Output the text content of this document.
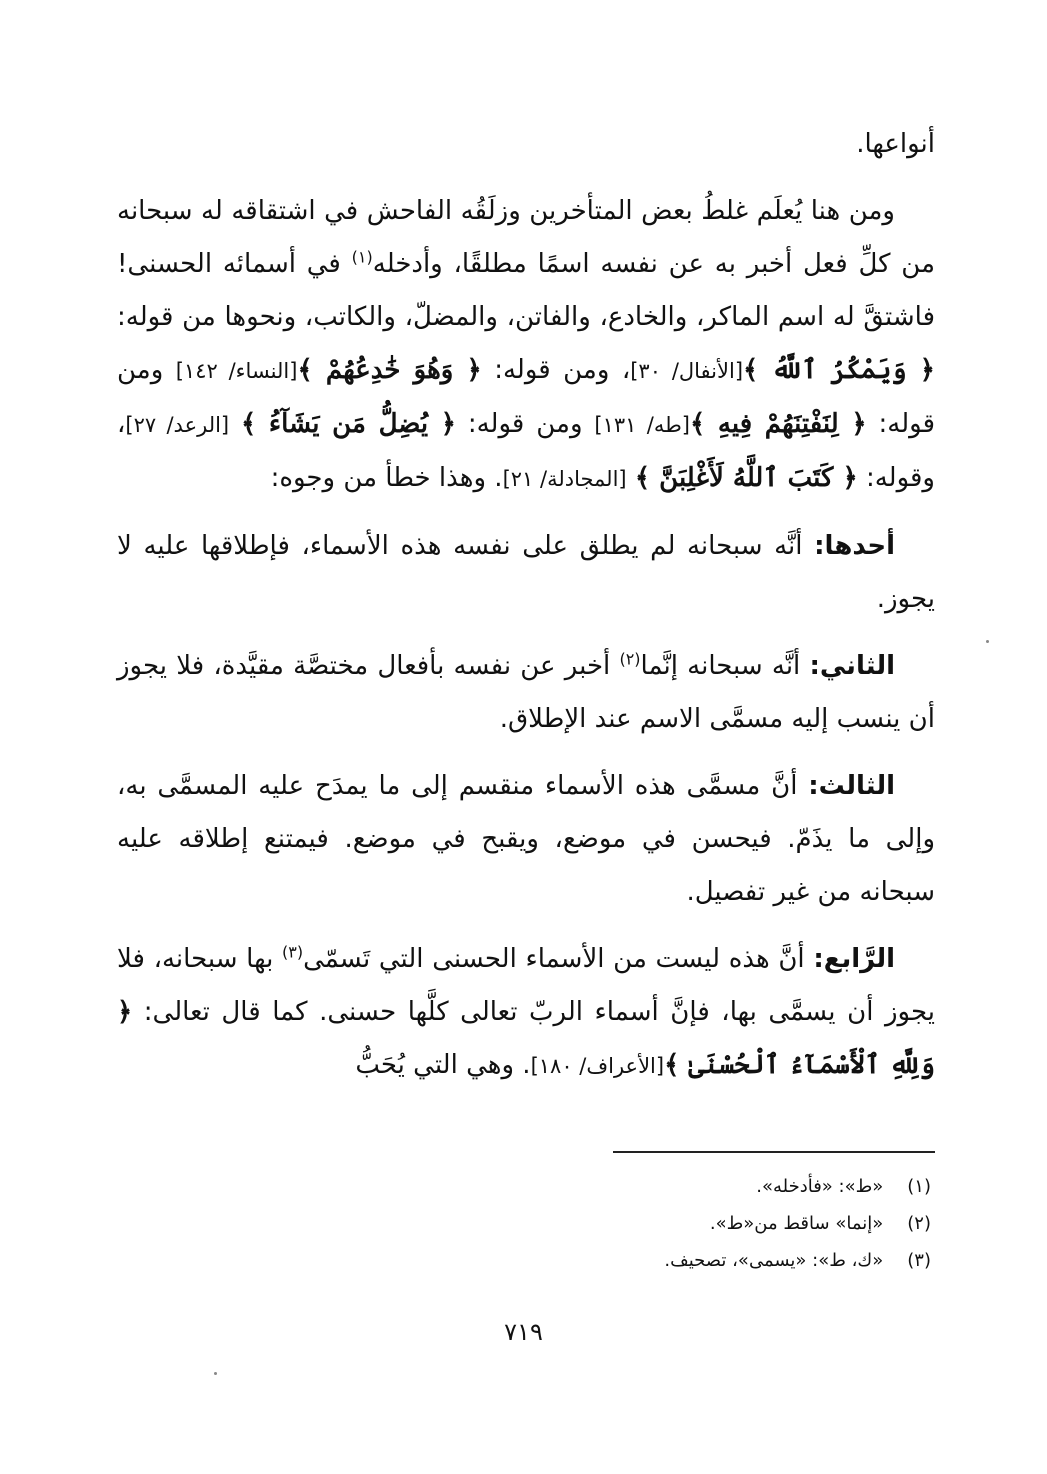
أنواعها.

ومن هنا يُعلَم غلطُ بعض المتأخرين وزلَقُه الفاحش في اشتقاقه له سبحانه من كلِّ فعل أخبر به عن نفسه اسمًا مطلقًا، وأدخله$^{(١)}$ في أسمائه الحسنى! فاشتقَّ له اسم الماكر، والخادع، والفاتن، والمضلّ، والكاتب، ونحوها من قوله: ﴿ وَيَمْكُرُ ٱللَّهُ ﴾[الأنفال/ ٣٠]، ومن قوله: ﴿ وَهُوَ خَٰدِعُهُمْ ﴾[النساء/ ١٤٢] ومن قوله: ﴿ لِنَفْتِنَهُمْ فِيهِ ﴾[طه/ ١٣١] ومن قوله: ﴿ يُضِلُّ مَن يَشَآءُ ﴾ [الرعد/ ٢٧]، وقوله: ﴿ كَتَبَ ٱللَّهُ لَأَغْلِبَنَّ ﴾ [المجادلة/ ٢١]. وهذا خطأ من وجوه:

أحدها: أنَّه سبحانه لم يطلق على نفسه هذه الأسماء، فإطلاقها عليه لا يجوز.

الثاني: أنَّه سبحانه إنَّما$^{(٢)}$ أخبر عن نفسه بأفعال مختصَّة مقيَّدة، فلا يجوز أن ينسب إليه مسمَّى الاسم عند الإطلاق.

الثالث: أنَّ مسمَّى هذه الأسماء منقسم إلى ما يمدَح عليه المسمَّى به، وإلى ما يذَمّ. فيحسن في موضع، ويقبح في موضع. فيمتنع إطلاقه عليه سبحانه من غير تفصيل.

الرَّابع: أنَّ هذه ليست من الأسماء الحسنى التي تَسمّى$^{(٣)}$ بها سبحانه، فلا يجوز أن يسمَّى بها، فإنَّ أسماء الربّ تعالى كلَّها حسنى. كما قال تعالى: ﴿ وَلِلَّهِ ٱلْأَسْمَآءُ ٱلْحُسْنَىٰ ﴾[الأعراف/ ١٨٠]. وهي التي يُحَبُّ

(١) «ط»: «فأدخله».
(٢) «إنما» ساقط من«ط».
(٣) «ك، ط»: «يسمى»، تصحيف.
٧١٩
